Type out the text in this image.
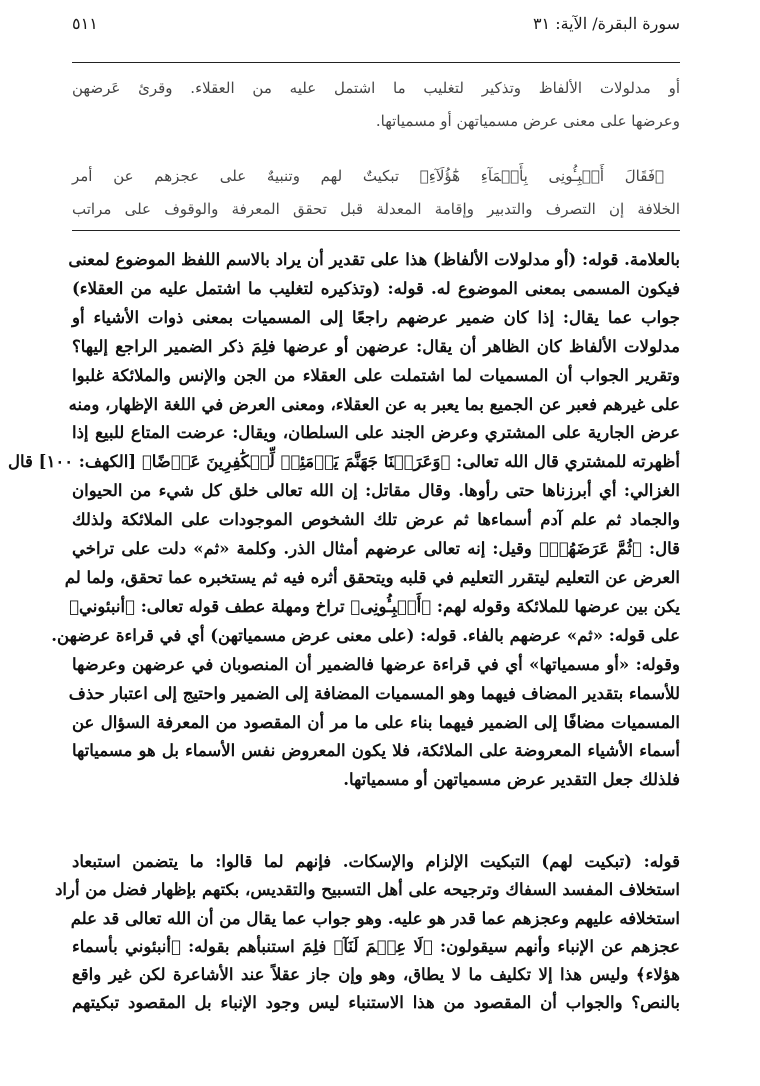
سورة البقرة/ الآية: ٣١
٥١١
أو مدلولات الألفاظ وتذكير لتغليب ما اشتمل عليه من العقلاء. وقرئ عَرضهن
وعرضها على معنى عرض مسمياتهن أو مسمياتها.
﴿فَقَالَ أَنۢبِـُٔونِى بِأَسۡمَآءِ هَٰٓؤُلَآءِ﴾ تبكيتٌ لهم وتنبيهٌ على عجزهم عن أمر
الخلافة إن التصرف والتدبير وإقامة المعدلة قبل تحقق المعرفة والوقوف على مراتب
بالعلامة. قوله: (أو مدلولات الألفاظ) هذا على تقدير أن يراد بالاسم اللفظ الموضوع لمعنى
فيكون المسمى بمعنى الموضوع له. قوله: (وتذكيره لتغليب ما اشتمل عليه من العقلاء)
جواب عما يقال: إذا كان ضمير عرضهم راجعًا إلى المسميات بمعنى ذوات الأشياء أو
مدلولات الألفاظ كان الظاهر أن يقال: عرضهن أو عرضها فلِمَ ذكر الضمير الراجع إليها؟
وتقرير الجواب أن المسميات لما اشتملت على العقلاء من الجن والإنس والملائكة غلبوا
على غيرهم فعبر عن الجميع بما يعبر به عن العقلاء، ومعنى العرض في اللغة الإظهار، ومنه
عرض الجارية على المشتري وعرض الجند على السلطان، ويقال: عرضت المتاع للبيع إذا
أظهرته للمشتري قال الله تعالى: ﴿وَعَرَضۡنَا جَهَنَّمَ يَوۡمَئِذٖ لِّلۡكَٰفِرِينَ عَرۡضًا﴾ [الكهف: ١٠٠] قال
الغزالي: أي أبرزناها حتى رأوها. وقال مقاتل: إن الله تعالى خلق كل شيء من الحيوان
والجماد ثم علم آدم أسماءها ثم عرض تلك الشخوص الموجودات على الملائكة ولذلك
قال: ﴿ثُمَّ عَرَضَهُمۡ﴾ وقيل: إنه تعالى عرضهم أمثال الذر. وكلمة «ثم» دلت على تراخي
العرض عن التعليم ليتقرر التعليم في قلبه ويتحقق أثره فيه ثم يستخبره عما تحقق، ولما لم
يكن بين عرضها للملائكة وقوله لهم: ﴿أَنۢبِـُٔونِى﴾ تراخ ومهلة عطف قوله تعالى: ﴿أنبئوني﴾
على قوله: «ثم» عرضهم بالفاء. قوله: (على معنى عرض مسمياتهن) أي في قراءة عرضهن.
وقوله: «أو مسمياتها» أي في قراءة عرضها فالضمير أن المنصوبان في عرضهن وعرضها
للأسماء بتقدير المضاف فيهما وهو المسميات المضافة إلى الضمير واحتيج إلى اعتبار حذف
المسميات مضافًا إلى الضمير فيهما بناء على ما مر أن المقصود من المعرفة السؤال عن
أسماء الأشياء المعروضة على الملائكة، فلا يكون المعروض نفس الأسماء بل هو مسمياتها
فلذلك جعل التقدير عرض مسمياتهن أو مسمياتها.
قوله: (تبكيت لهم) التبكيت الإلزام والإسكات. فإنهم لما قالوا: ما يتضمن استبعاد
استخلاف المفسد السفاك وترجيحه على أهل التسبيح والتقديس، بكتهم بإظهار فضل من أراد
استخلافه عليهم وعجزهم عما قدر هو عليه. وهو جواب عما يقال من أن الله تعالى قد علم
عجزهم عن الإنباء وأنهم سيقولون: ﴿لَا عِلۡمَ لَنَآ﴾ فلِمَ استنبأهم بقوله: ﴿أنبئوني بأسماء
هؤلاء﴾ وليس هذا إلا تكليف ما لا يطاق، وهو وإن جاز عقلاً عند الأشاعرة لكن غير واقع
بالنص؟ والجواب أن المقصود من هذا الاستنباء ليس وجود الإنباء بل المقصود تبكيتهم
